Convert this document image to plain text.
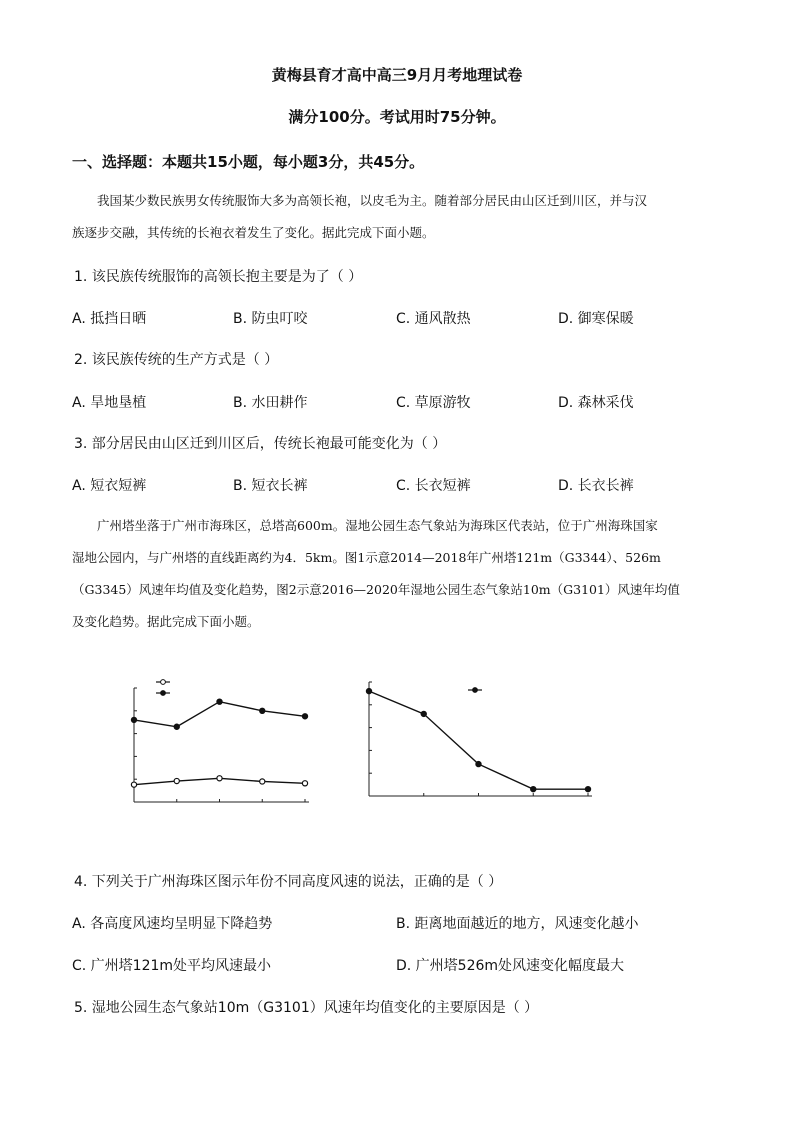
黄梅县育才高中高三9月月考地理试卷
满分100分。考试用时75分钟。
一、选择题：本题共15小题，每小题3分，共45分。

我国某少数民族男女传统服饰大多为高领长袍，以皮毛为主。随着部分居民由山区迁到川区，并与汉

族逐步交融，其传统的长袍衣着发生了变化。据此完成下面小题。
1. 该民族传统服饰的高领长抱主要是为了（ ）
A. 抵挡日晒	B. 防虫叮咬	C. 通风散热	D. 御寒保暖
2. 该民族传统的生产方式是（ ）
A. 旱地垦植	B. 水田耕作	C. 草原游牧	D. 森林采伐
3. 部分居民由山区迁到川区后，传统长袍最可能变化为（ ）
A. 短衣短裤	B. 短衣长裤	C. 长衣短裤	D. 长衣长裤

广州塔坐落于广州市海珠区，总塔高600m。湿地公园生态气象站为海珠区代表站，位于广州海珠国家

湿地公园内，与广州塔的直线距离约为4．5km。图1示意2014—2018年广州塔121m（G3344）、526m
（G3345）风速年均值及变化趋势，图2示意2016—2020年湿地公园生态气象站10m（G3101）风速年均值
及变化趋势。据此完成下面小题。
4. 下列关于广州海珠区图示年份不同高度风速的说法，正确的是（ ）
A. 各高度风速均呈明显下降趋势	B. 距离地面越近的地方，风速变化越小
C. 广州塔121m处平均风速最小	D. 广州塔526m处风速变化幅度最大
5. 湿地公园生态气象站10m（G3101）风速年均值变化的主要原因是（ ）
